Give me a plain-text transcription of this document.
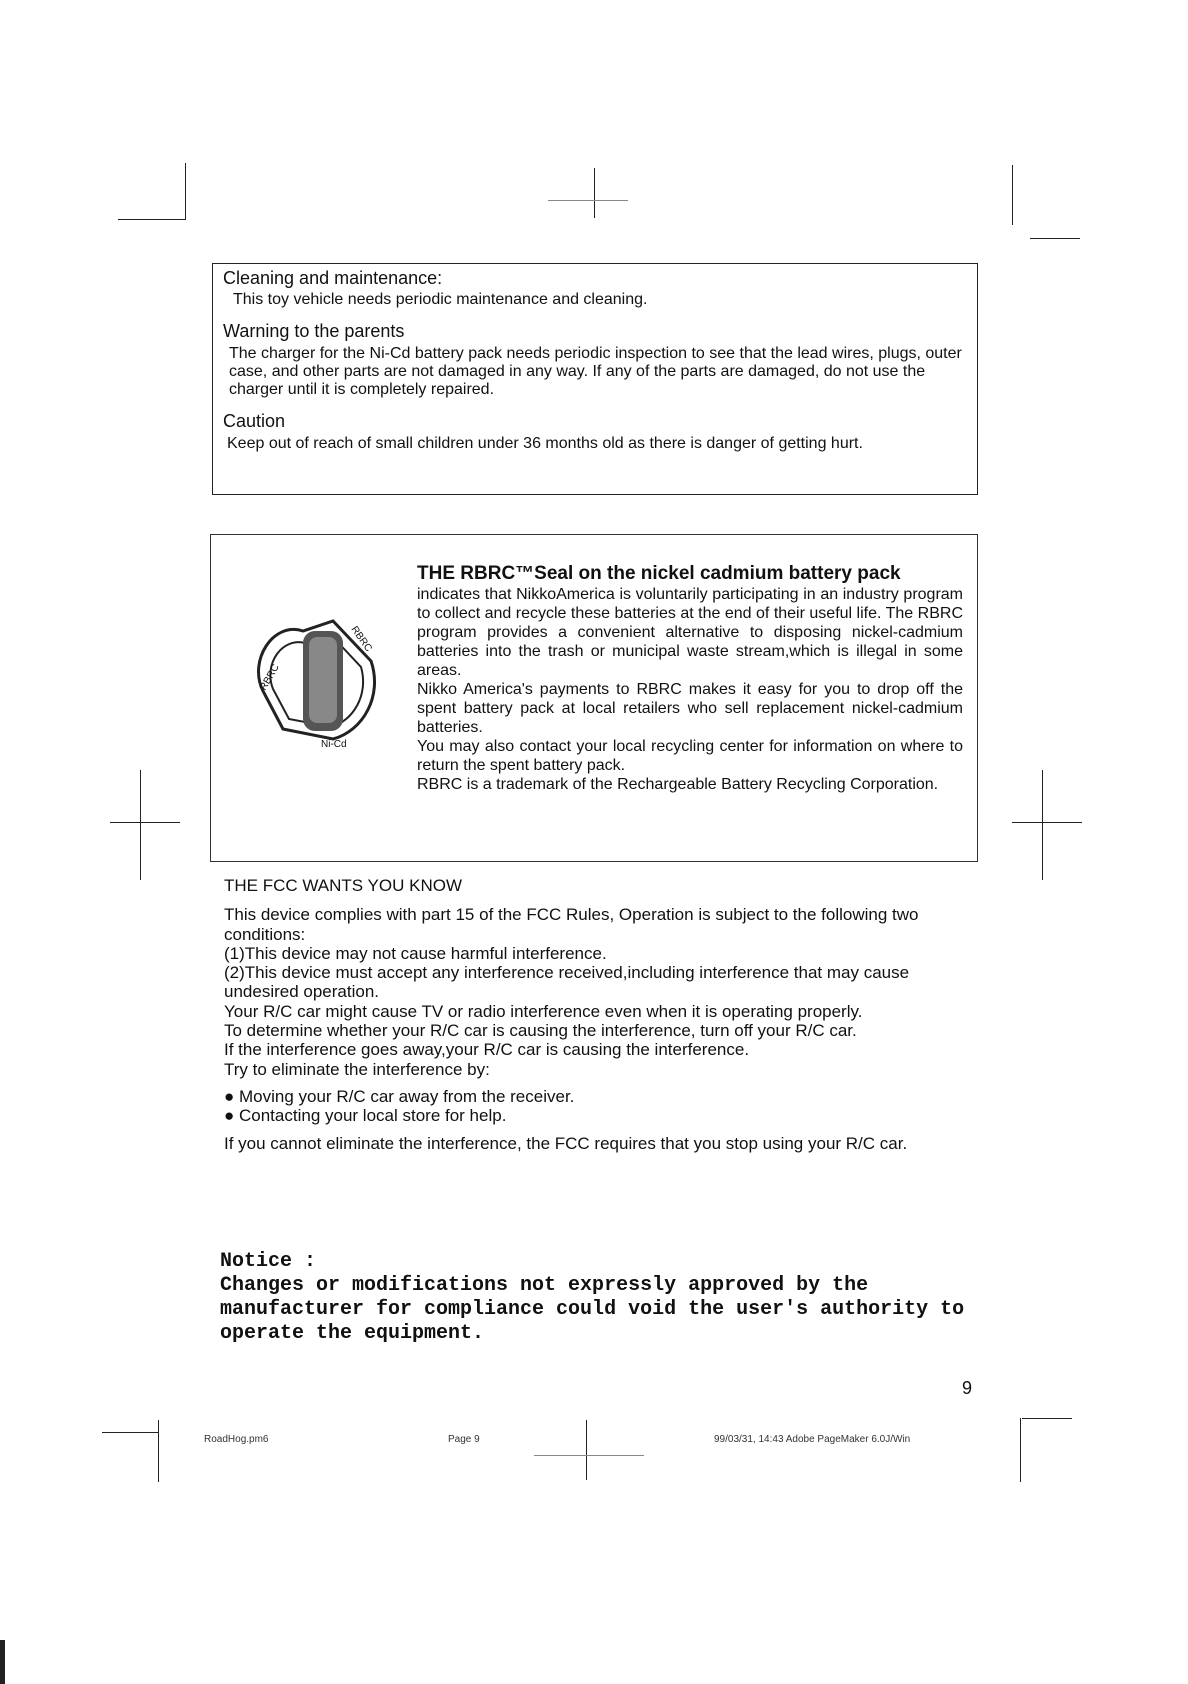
Cleaning and maintenance:

This toy vehicle needs periodic maintenance and cleaning.

Warning to the parents

The charger for the Ni-Cd battery pack needs periodic inspection to see that the lead wires, plugs, outer case, and other parts are not damaged in any way. If any of the parts are damaged, do not use the charger until it is completely repaired.

Caution

Keep out of reach of small children under 36 months old as there is danger of getting hurt.

RBRC
RBRC
Ni-Cd
THE RBRC™Seal on the nickel cadmium battery pack
indicates that NikkoAmerica is voluntarily participating in an industry program to collect and recycle these batteries at the end of their useful life. The RBRC program provides a convenient alternative to disposing nickel-cadmium batteries into the trash or municipal waste stream,which is illegal in some areas.
Nikko America's payments to RBRC makes it easy for you to drop off the spent battery pack at local retailers who sell replacement nickel-cadmium batteries.
You may also contact your local recycling center for information on where to return the spent battery pack.
RBRC is a trademark of the Rechargeable Battery Recycling Corporation.

THE FCC WANTS YOU KNOW

This device complies with part 15 of the FCC Rules, Operation is subject to the following two conditions:

(1)This device may not cause harmful interference.

(2)This device must accept any interference received,including interference that may cause undesired operation.

Your R/C car might cause TV or radio interference even when it is operating properly.

To determine whether your R/C car is causing the interference, turn off your R/C car.

If the interference goes away,your R/C car is causing the interference.

Try to eliminate the interference by:

● Moving your R/C car away from the receiver.

● Contacting your local store for help.

If you cannot eliminate the interference, the FCC requires that you stop using your R/C car.

Notice :
Changes or modifications not expressly approved by the manufacturer for compliance could void the user's authority to operate the equipment.
9
RoadHog.pm6	Page 9	99/03/31, 14:43 Adobe PageMaker 6.0J/Win
